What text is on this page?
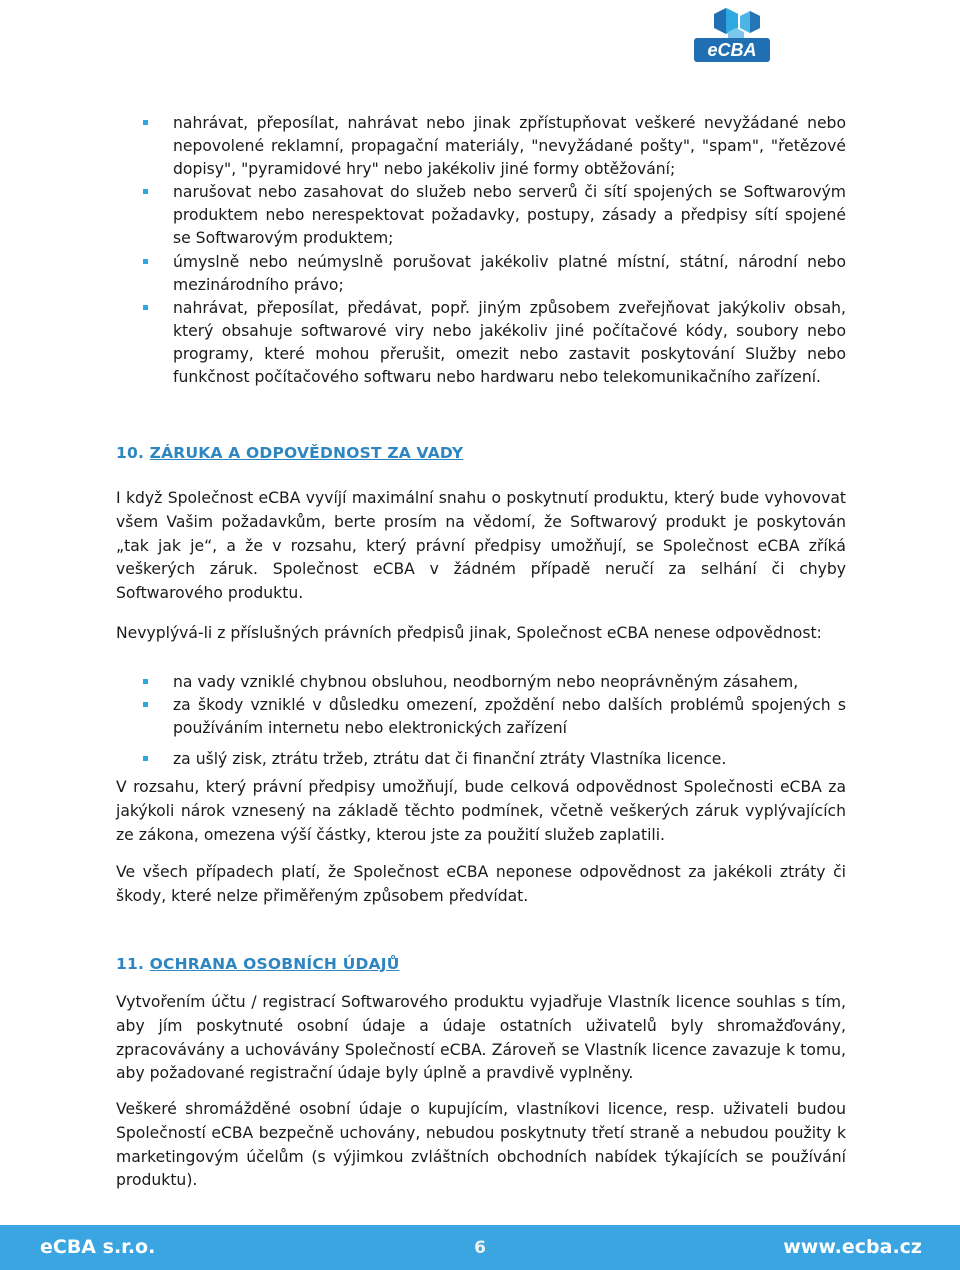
eCBA
nahrávat, přeposílat, nahrávat nebo jinak zpřístupňovat veškeré nevyžádané nebo nepovolené reklamní, propagační materiály, "nevyžádané pošty", "spam", "řetězové dopisy", "pyramidové hry" nebo jakékoliv jiné formy obtěžování;
narušovat nebo zasahovat do služeb nebo serverů či sítí spojených se Softwarovým produktem nebo nerespektovat požadavky, postupy, zásady a předpisy sítí spojené se Softwarovým produktem;
úmyslně nebo neúmyslně porušovat jakékoliv platné místní, státní, národní nebo mezinárodního právo;
nahrávat, přeposílat, předávat, popř. jiným způsobem zveřejňovat jakýkoliv obsah, který obsahuje softwarové viry nebo jakékoliv jiné počítačové kódy, soubory nebo programy, které mohou přerušit, omezit nebo zastavit poskytování Služby nebo funkčnost počítačového softwaru nebo hardwaru nebo telekomunikačního zařízení.
10. ZÁRUKA A ODPOVĚDNOST ZA VADY

I když Společnost eCBA vyvíjí maximální snahu o poskytnutí produktu, který bude vyhovovat všem Vašim požadavkům, berte prosím na vědomí, že Softwarový produkt je poskytován „tak jak je“, a že v rozsahu, který právní předpisy umožňují, se Společnost eCBA zříká veškerých záruk. Společnost eCBA v žádném případě neručí za selhání či chyby Softwarového produktu.

Nevyplývá-li z příslušných právních předpisů jinak, Společnost eCBA nenese odpovědnost:

na vady vzniklé chybnou obsluhou, neodborným nebo neoprávněným zásahem,
za škody vzniklé v důsledku omezení, zpoždění nebo dalších problémů spojených s používáním internetu nebo elektronických zařízení
za ušlý zisk, ztrátu tržeb, ztrátu dat či finanční ztráty Vlastníka licence.

V rozsahu, který právní předpisy umožňují, bude celková odpovědnost Společnosti eCBA za jakýkoli nárok vznesený na základě těchto podmínek, včetně veškerých záruk vyplývajících ze zákona, omezena výší částky, kterou jste za použití služeb zaplatili.

Ve všech případech platí, že Společnost eCBA neponese odpovědnost za jakékoli ztráty či škody, které nelze přiměřeným způsobem předvídat.

11. OCHRANA OSOBNÍCH ÚDAJŮ

Vytvořením účtu / registrací Softwarového produktu vyjadřuje Vlastník licence souhlas s tím, aby jím poskytnuté osobní údaje a údaje ostatních uživatelů byly shromažďovány, zpracovávány a uchovávány Společností eCBA. Zároveň se Vlastník licence zavazuje k tomu, aby požadované registrační údaje byly úplně a pravdivě vyplněny.

Veškeré shromážděné osobní údaje o kupujícím, vlastníkovi licence, resp. uživateli budou Společností eCBA bezpečně uchovány, nebudou poskytnuty třetí straně a nebudou použity k marketingovým účelům (s výjimkou zvláštních obchodních nabídek týkajících se používání produktu).

eCBA s.r.o.	6	www.ecba.cz
